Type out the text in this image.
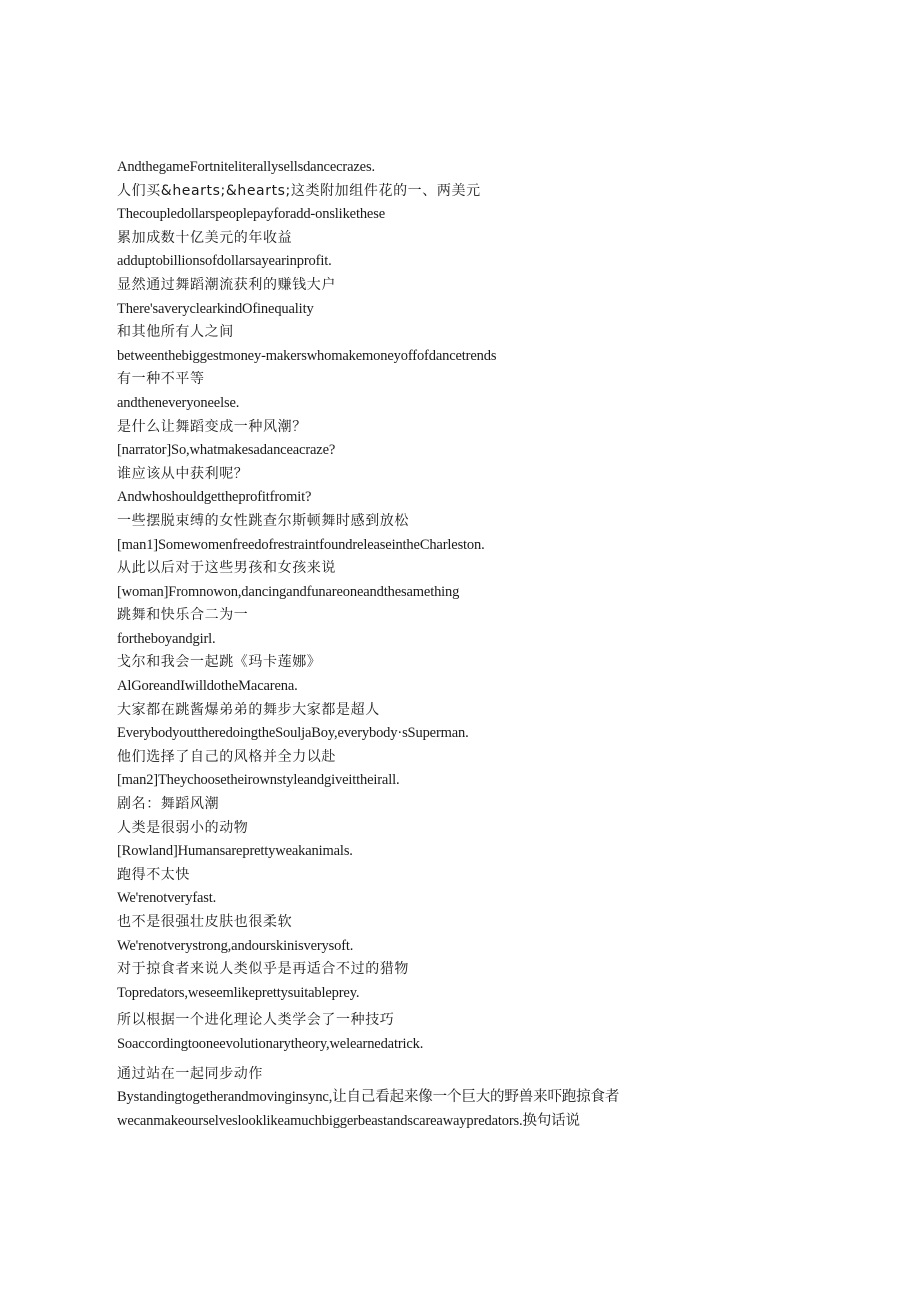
AndthegameFortniteliterallysellsdancecrazes.
人们买&hearts;&hearts;这类附加组件花的一、两美元
Thecoupledollarspeoplepayforadd-onslikethese
累加成数十亿美元的年收益
adduptobillionsofdollarsayearinprofit.
显然通过舞蹈潮流获利的赚钱大户
There'saveryclearkindOfinequality
和其他所有人之间
betweenthebiggestmoney-makerswhomakemoneyoffofdancetrends
有一种不平等
andtheneveryoneelse.
是什么让舞蹈变成一种风潮？
[narrator]So,whatmakesadanceacraze?
谁应该从中获利呢？
Andwhoshouldgettheprofitfromit?
一些摆脱束缚的女性跳查尔斯顿舞时感到放松
[man1]SomewomenfreedofrestraintfoundreleaseintheCharleston.
从此以后对于这些男孩和女孩来说
[woman]Fromnowon,dancingandfunareoneandthesamething
跳舞和快乐合二为一
fortheboyandgirl.
戈尔和我会一起跳《玛卡莲娜》
AlGoreandIwilldotheMacarena.
大家都在跳酱爆弟弟的舞步大家都是超人
EverybodyouttheredoingtheSouljaBoy,everybody·sSuperman.
他们选择了自己的风格并全力以赴
[man2]Theychoosetheirownstyleandgiveittheirall.
剧名：舞蹈风潮
人类是很弱小的动物
[Rowland]Humansareprettyweakanimals.
跑得不太快
We'renotveryfast.
也不是很强壮皮肤也很柔软
We'renotverystrong,andourskinisverysoft.
对于掠食者来说人类似乎是再适合不过的猎物
Topredators,weseemlikeprettysuitableprey.
所以根据一个进化理论人类学会了一种技巧
Soaccordingtooneevolutionarytheory,welearnedatrick.
通过站在一起同步动作
Bystandingtogetherandmovinginsync,让自己看起来像一个巨大的野兽来吓跑掠食者
wecanmakeourselveslooklikeamuchbiggerbeastandscareawaypredators.换句话说
